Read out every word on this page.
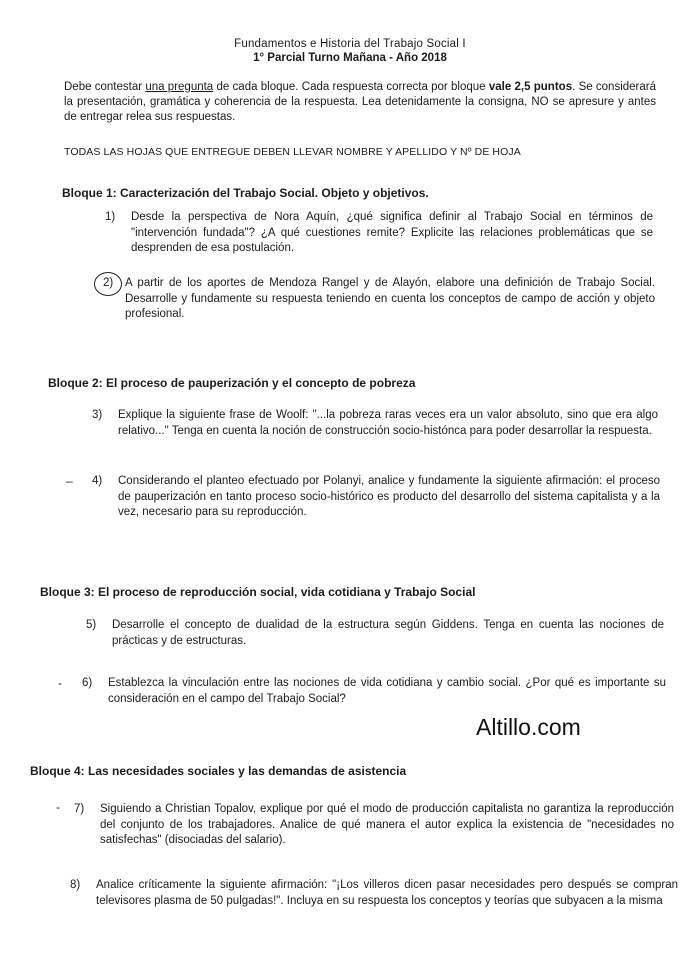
Fundamentos e Historia del Trabajo Social I
1° Parcial Turno Mañana - Año 2018
Debe contestar una pregunta de cada bloque. Cada respuesta correcta por bloque vale 2,5 puntos. Se considerará la presentación, gramática y coherencia de la respuesta. Lea detenidamente la consigna, NO se apresure y antes de entregar relea sus respuestas.
TODAS LAS HOJAS QUE ENTREGUE DEBEN LLEVAR NOMBRE Y APELLIDO Y Nº DE HOJA
Bloque 1: Caracterización del Trabajo Social. Objeto y objetivos.
1) Desde la perspectiva de Nora Aquín, ¿qué significa definir al Trabajo Social en términos de "intervención fundada"? ¿A qué cuestiones remite? Explicite las relaciones problemáticas que se desprenden de esa postulación.
2) A partir de los aportes de Mendoza Rangel y de Alayón, elabore una definición de Trabajo Social. Desarrolle y fundamente su respuesta teniendo en cuenta los conceptos de campo de acción y objeto profesional.
Bloque 2: El proceso de pauperización y el concepto de pobreza
3) Explique la siguiente frase de Woolf: "...la pobreza raras veces era un valor absoluto, sino que era algo relativo..." Tenga en cuenta la noción de construcción socio-histónca para poder desarrollar la respuesta.
– 4) Considerando el planteo efectuado por Polanyi, analice y fundamente la siguiente afirmación: el proceso de pauperización en tanto proceso socio-histórico es producto del desarrollo del sistema capitalista y a la vez, necesario para su reproducción.
Bloque 3: El proceso de reproducción social, vida cotidiana y Trabajo Social
5) Desarrolle el concepto de dualidad de la estructura según Giddens. Tenga en cuenta las nociones de prácticas y de estructuras.
- 6) Establezca la vinculación entre las nociones de vida cotidiana y cambio social. ¿Por qué es importante su consideración en el campo del Trabajo Social?
Altillo.com
Bloque 4: Las necesidades sociales y las demandas de asistencia
- 7) Siguiendo a Christian Topalov, explique por qué el modo de producción capitalista no garantiza la reproducción del conjunto de los trabajadores. Analice de qué manera el autor explica la existencia de "necesidades no satisfechas" (disociadas del salario).
8) Analice críticamente la siguiente afirmación: "¡Los villeros dicen pasar necesidades pero después se compran televisores plasma de 50 pulgadas!". Incluya en su respuesta los conceptos y teorías que subyacen a la misma
